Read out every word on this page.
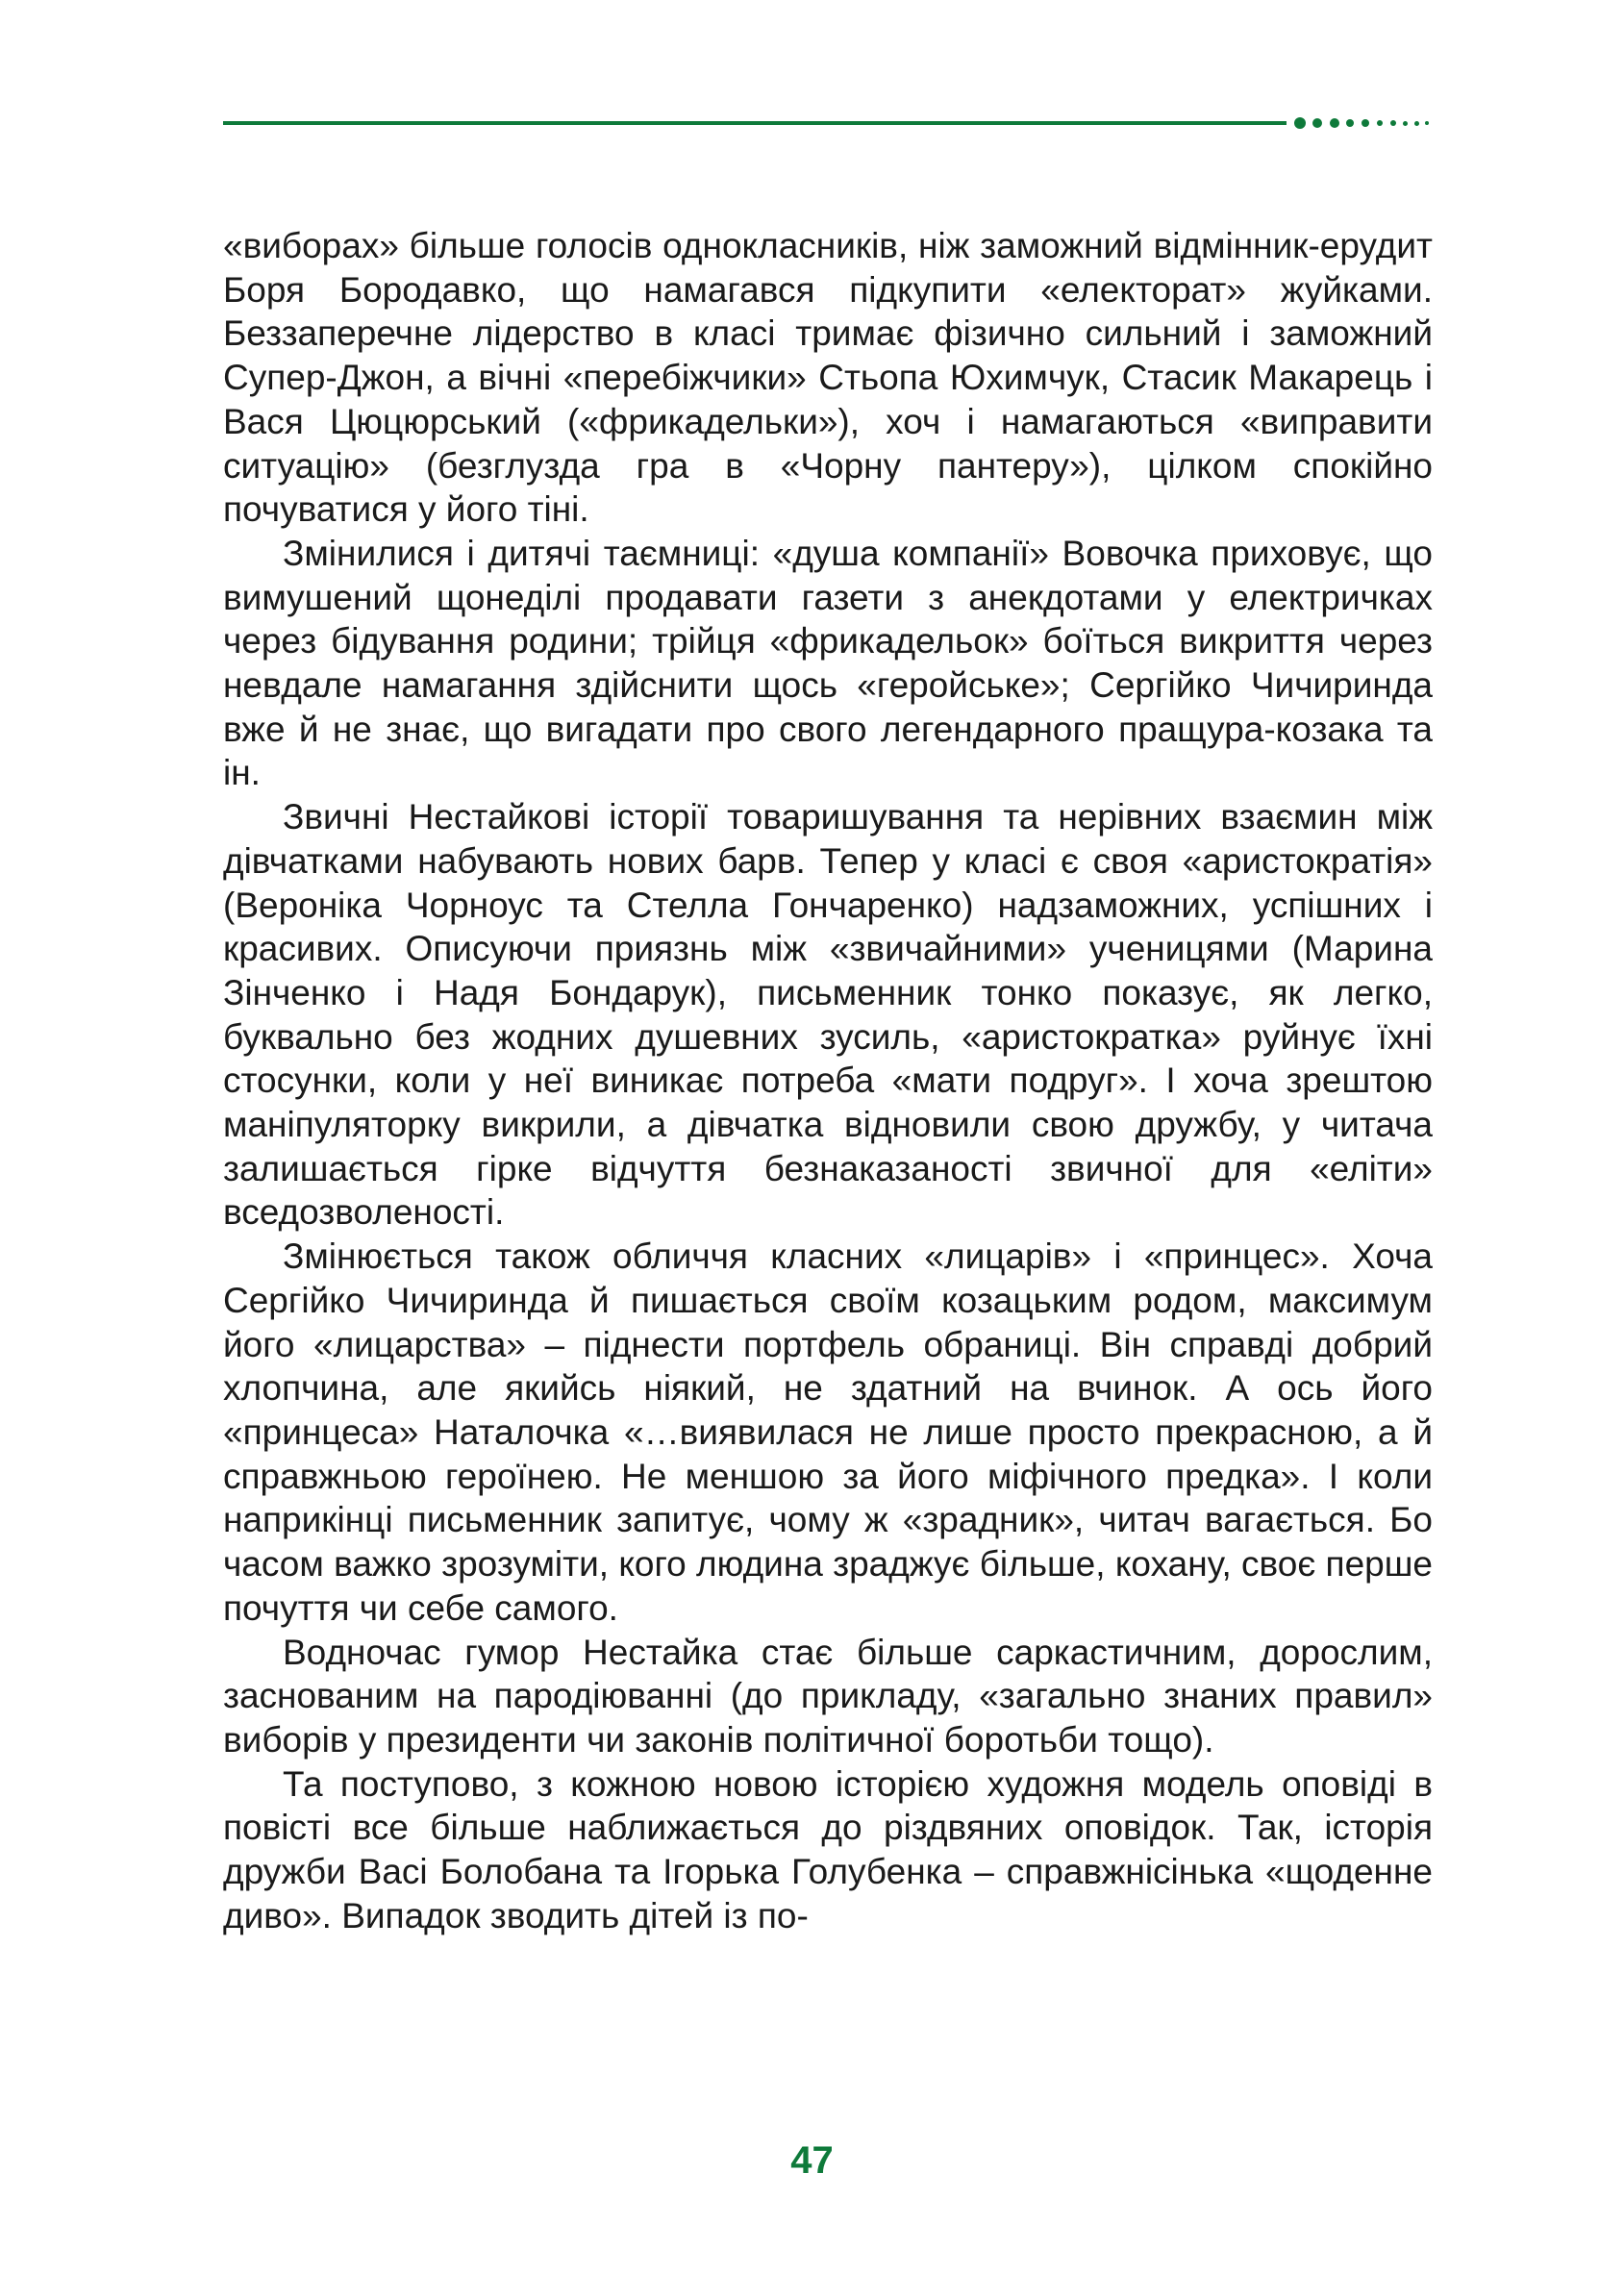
«виборах» більше голосів однокласників, ніж заможний відмінник-ерудит Боря Бородавко, що намагався підкупити «електорат» жуйками. Беззаперечне лідерство в класі тримає фізично сильний і заможний Супер-Джон, а вічні «перебіжчики» Стьопа Юхимчук, Стасик Макарець і Вася Цюцюрський («фрикадельки»), хоч і намагаються «виправити ситуацію» (безглузда гра в «Чорну пантеру»), цілком спокійно почуватися у його тіні.

Змінилися і дитячі таємниці: «душа компанії» Вовочка приховує, що вимушений щонеділі продавати газети з анекдотами у електричках через бідування родини; трійця «фрикадельок» боїться викриття через невдале намагання здійснити щось «геройське»; Сергійко Чичиринда вже й не знає, що вигадати про свого легендарного пращура-козака та ін.

Звичні Нестайкові історії товаришування та нерівних взаємин між дівчатками набувають нових барв. Тепер у класі є своя «аристократія» (Вероніка Чорноус та Стелла Гончаренко) надзаможних, успішних і красивих. Описуючи приязнь між «звичайними» ученицями (Марина Зінченко і Надя Бондарук), письменник тонко показує, як легко, буквально без жодних душевних зусиль, «аристократка» руйнує їхні стосунки, коли у неї виникає потреба «мати подруг». І хоча зрештою маніпуляторку викрили, а дівчатка відновили свою дружбу, у читача залишається гірке відчуття безнаказаності звичної для «еліти» вседозволеності.

Змінюється також обличчя класних «лицарів» і «принцес». Хоча Сергійко Чичиринда й пишається своїм козацьким родом, максимум його «лицарства» – піднести портфель обраниці. Він справді добрий хлопчина, але якийсь ніякий, не здатний на вчинок. А ось його «принцеса» Наталочка «…виявилася не лише просто прекрасною, а й справжньою героїнею. Не меншою за його міфічного предка». І коли наприкінці письменник запитує, чому ж «зрадник», читач вагається. Бо часом важко зрозуміти, кого людина зраджує більше, кохану, своє перше почуття чи себе самого.

Водночас гумор Нестайка стає більше саркастичним, дорослим, заснованим на пародіюванні (до прикладу, «загально знаних правил» виборів у президенти чи законів політичної боротьби тощо).

Та поступово, з кожною новою історією художня модель оповіді в повісті все більше наближається до різдвяних оповідок. Так, історія дружби Васі Болобана та Ігорька Голубенка – справжнісінька «щоденне диво». Випадок зводить дітей із по-

47
